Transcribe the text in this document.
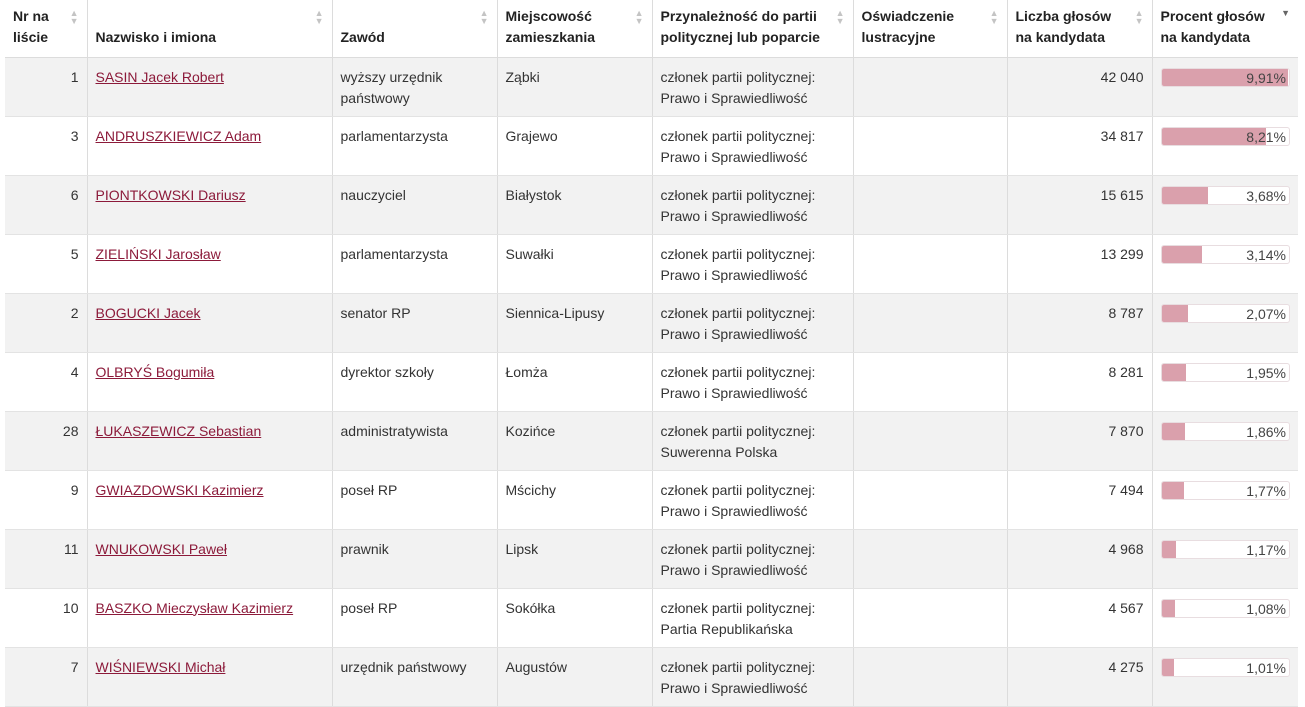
Nr na liście
▲
▼	Nazwisko i imiona
▲
▼	Zawód
▲
▼	Miejscowość zamieszkania
▲
▼	Przynależność do partii politycznej lub poparcie
▲
▼	Oświadczenie lustracyjne
▲
▼	Liczba głosów na kandydata
▲
▼	Procent głosów na kandydata
▼

1	SASIN Jacek Robert	wyższy urzędnik państwowy	Ząbki	członek partii politycznej:
Prawo i Sprawiedliwość		42 040	9,91%

3	ANDRUSZKIEWICZ Adam	parlamentarzysta	Grajewo	członek partii politycznej:
Prawo i Sprawiedliwość		34 817	8,21%

6	PIONTKOWSKI Dariusz	nauczyciel	Białystok	członek partii politycznej:
Prawo i Sprawiedliwość		15 615	3,68%

5	ZIELIŃSKI Jarosław	parlamentarzysta	Suwałki	członek partii politycznej:
Prawo i Sprawiedliwość		13 299	3,14%

2	BOGUCKI Jacek	senator RP	Siennica-Lipusy	członek partii politycznej:
Prawo i Sprawiedliwość		8 787	2,07%

4	OLBRYŚ Bogumiła	dyrektor szkoły	Łomża	członek partii politycznej:
Prawo i Sprawiedliwość		8 281	1,95%

28	ŁUKASZEWICZ Sebastian	administratywista	Kozińce	członek partii politycznej:
Suwerenna Polska		7 870	1,86%

9	GWIAZDOWSKI Kazimierz	poseł RP	Mścichy	członek partii politycznej:
Prawo i Sprawiedliwość		7 494	1,77%

11	WNUKOWSKI Paweł	prawnik	Lipsk	członek partii politycznej:
Prawo i Sprawiedliwość		4 968	1,17%

10	BASZKO Mieczysław Kazimierz	poseł RP	Sokółka	członek partii politycznej:
Partia Republikańska		4 567	1,08%

7	WIŚNIEWSKI Michał	urzędnik państwowy	Augustów	członek partii politycznej:
Prawo i Sprawiedliwość		4 275	1,01%
